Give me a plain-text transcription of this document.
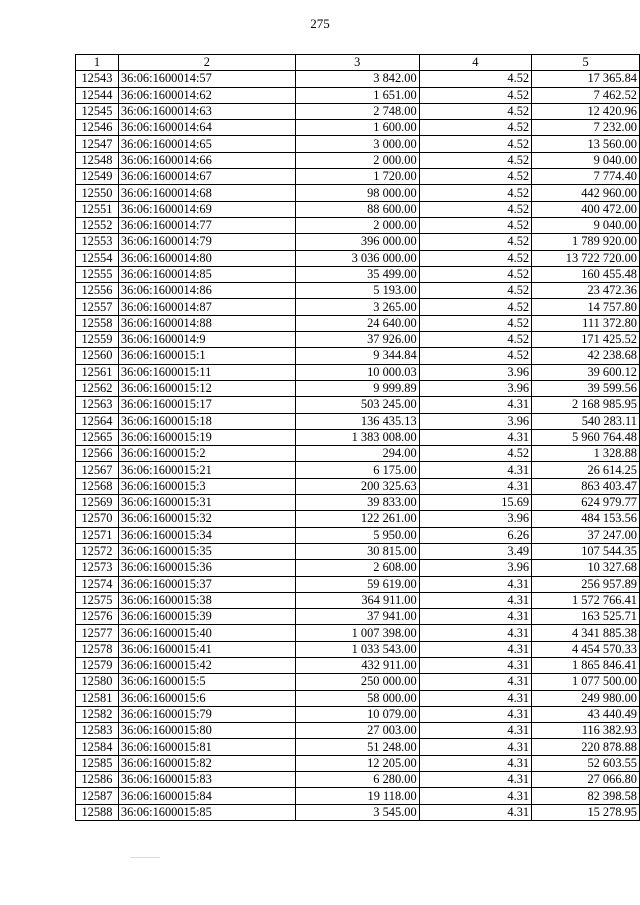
275
1	2	3	4	5
12543	36:06:1600014:57	3 842.00	4.52	17 365.84
12544	36:06:1600014:62	1 651.00	4.52	7 462.52
12545	36:06:1600014:63	2 748.00	4.52	12 420.96
12546	36:06:1600014:64	1 600.00	4.52	7 232.00
12547	36:06:1600014:65	3 000.00	4.52	13 560.00
12548	36:06:1600014:66	2 000.00	4.52	9 040.00
12549	36:06:1600014:67	1 720.00	4.52	7 774.40
12550	36:06:1600014:68	98 000.00	4.52	442 960.00
12551	36:06:1600014:69	88 600.00	4.52	400 472.00
12552	36:06:1600014:77	2 000.00	4.52	9 040.00
12553	36:06:1600014:79	396 000.00	4.52	1 789 920.00
12554	36:06:1600014:80	3 036 000.00	4.52	13 722 720.00
12555	36:06:1600014:85	35 499.00	4.52	160 455.48
12556	36:06:1600014:86	5 193.00	4.52	23 472.36
12557	36:06:1600014:87	3 265.00	4.52	14 757.80
12558	36:06:1600014:88	24 640.00	4.52	111 372.80
12559	36:06:1600014:9	37 926.00	4.52	171 425.52
12560	36:06:1600015:1	9 344.84	4.52	42 238.68
12561	36:06:1600015:11	10 000.03	3.96	39 600.12
12562	36:06:1600015:12	9 999.89	3.96	39 599.56
12563	36:06:1600015:17	503 245.00	4.31	2 168 985.95
12564	36:06:1600015:18	136 435.13	3.96	540 283.11
12565	36:06:1600015:19	1 383 008.00	4.31	5 960 764.48
12566	36:06:1600015:2	294.00	4.52	1 328.88
12567	36:06:1600015:21	6 175.00	4.31	26 614.25
12568	36:06:1600015:3	200 325.63	4.31	863 403.47
12569	36:06:1600015:31	39 833.00	15.69	624 979.77
12570	36:06:1600015:32	122 261.00	3.96	484 153.56
12571	36:06:1600015:34	5 950.00	6.26	37 247.00
12572	36:06:1600015:35	30 815.00	3.49	107 544.35
12573	36:06:1600015:36	2 608.00	3.96	10 327.68
12574	36:06:1600015:37	59 619.00	4.31	256 957.89
12575	36:06:1600015:38	364 911.00	4.31	1 572 766.41
12576	36:06:1600015:39	37 941.00	4.31	163 525.71
12577	36:06:1600015:40	1 007 398.00	4.31	4 341 885.38
12578	36:06:1600015:41	1 033 543.00	4.31	4 454 570.33
12579	36:06:1600015:42	432 911.00	4.31	1 865 846.41
12580	36:06:1600015:5	250 000.00	4.31	1 077 500.00
12581	36:06:1600015:6	58 000.00	4.31	249 980.00
12582	36:06:1600015:79	10 079.00	4.31	43 440.49
12583	36:06:1600015:80	27 003.00	4.31	116 382.93
12584	36:06:1600015:81	51 248.00	4.31	220 878.88
12585	36:06:1600015:82	12 205.00	4.31	52 603.55
12586	36:06:1600015:83	6 280.00	4.31	27 066.80
12587	36:06:1600015:84	19 118.00	4.31	82 398.58
12588	36:06:1600015:85	3 545.00	4.31	15 278.95
